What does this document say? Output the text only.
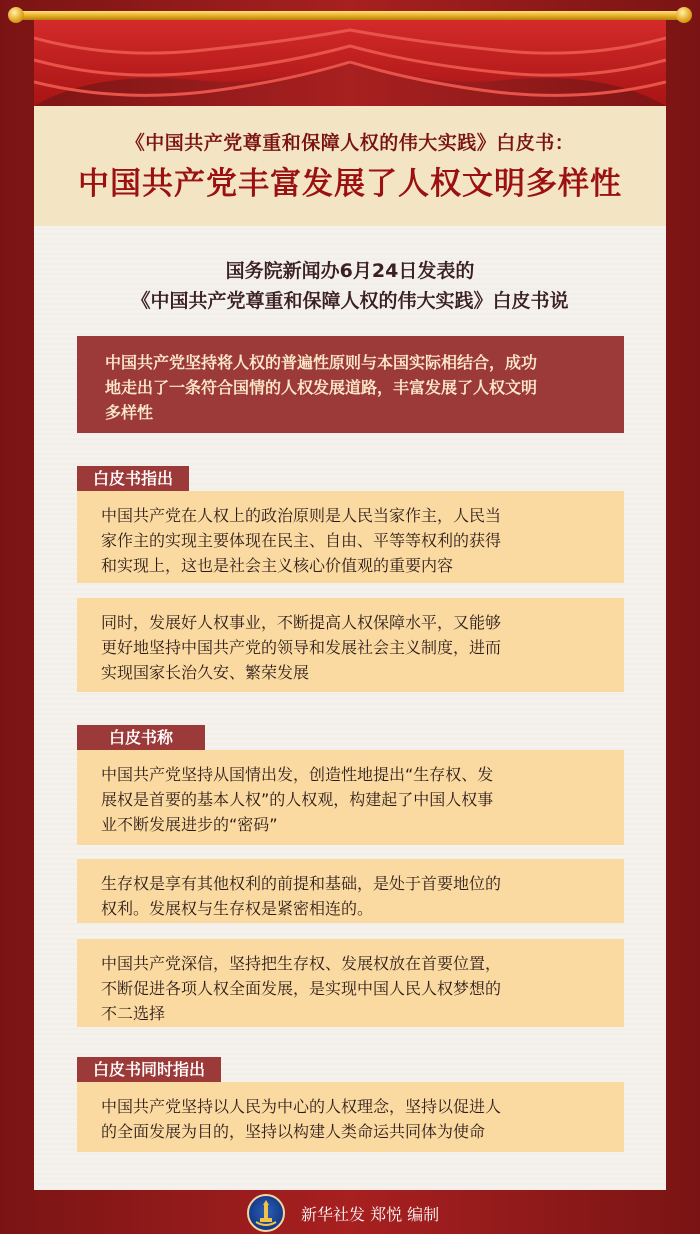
《中国共产党尊重和保障人权的伟大实践》白皮书：
中国共产党丰富发展了人权文明多样性
国务院新闻办6月24日发表的
《中国共产党尊重和保障人权的伟大实践》白皮书说
中国共产党坚持将人权的普遍性原则与本国实际相结合，成功
地走出了一条符合国情的人权发展道路，丰富发展了人权文明
多样性
白皮书指出
中国共产党在人权上的政治原则是人民当家作主，人民当
家作主的实现主要体现在民主、自由、平等等权利的获得
和实现上，这也是社会主义核心价值观的重要内容
同时，发展好人权事业，不断提高人权保障水平，又能够
更好地坚持中国共产党的领导和发展社会主义制度，进而
实现国家长治久安、繁荣发展
白皮书称
中国共产党坚持从国情出发，创造性地提出“生存权、发
展权是首要的基本人权”的人权观，构建起了中国人权事
业不断发展进步的“密码”
生存权是享有其他权利的前提和基础，是处于首要地位的
权利。发展权与生存权是紧密相连的。
中国共产党深信，坚持把生存权、发展权放在首要位置，
不断促进各项人权全面发展，是实现中国人民人权梦想的
不二选择
白皮书同时指出
中国共产党坚持以人民为中心的人权理念，坚持以促进人
的全面发展为目的，坚持以构建人类命运共同体为使命
新华社发 郑悦 编制
